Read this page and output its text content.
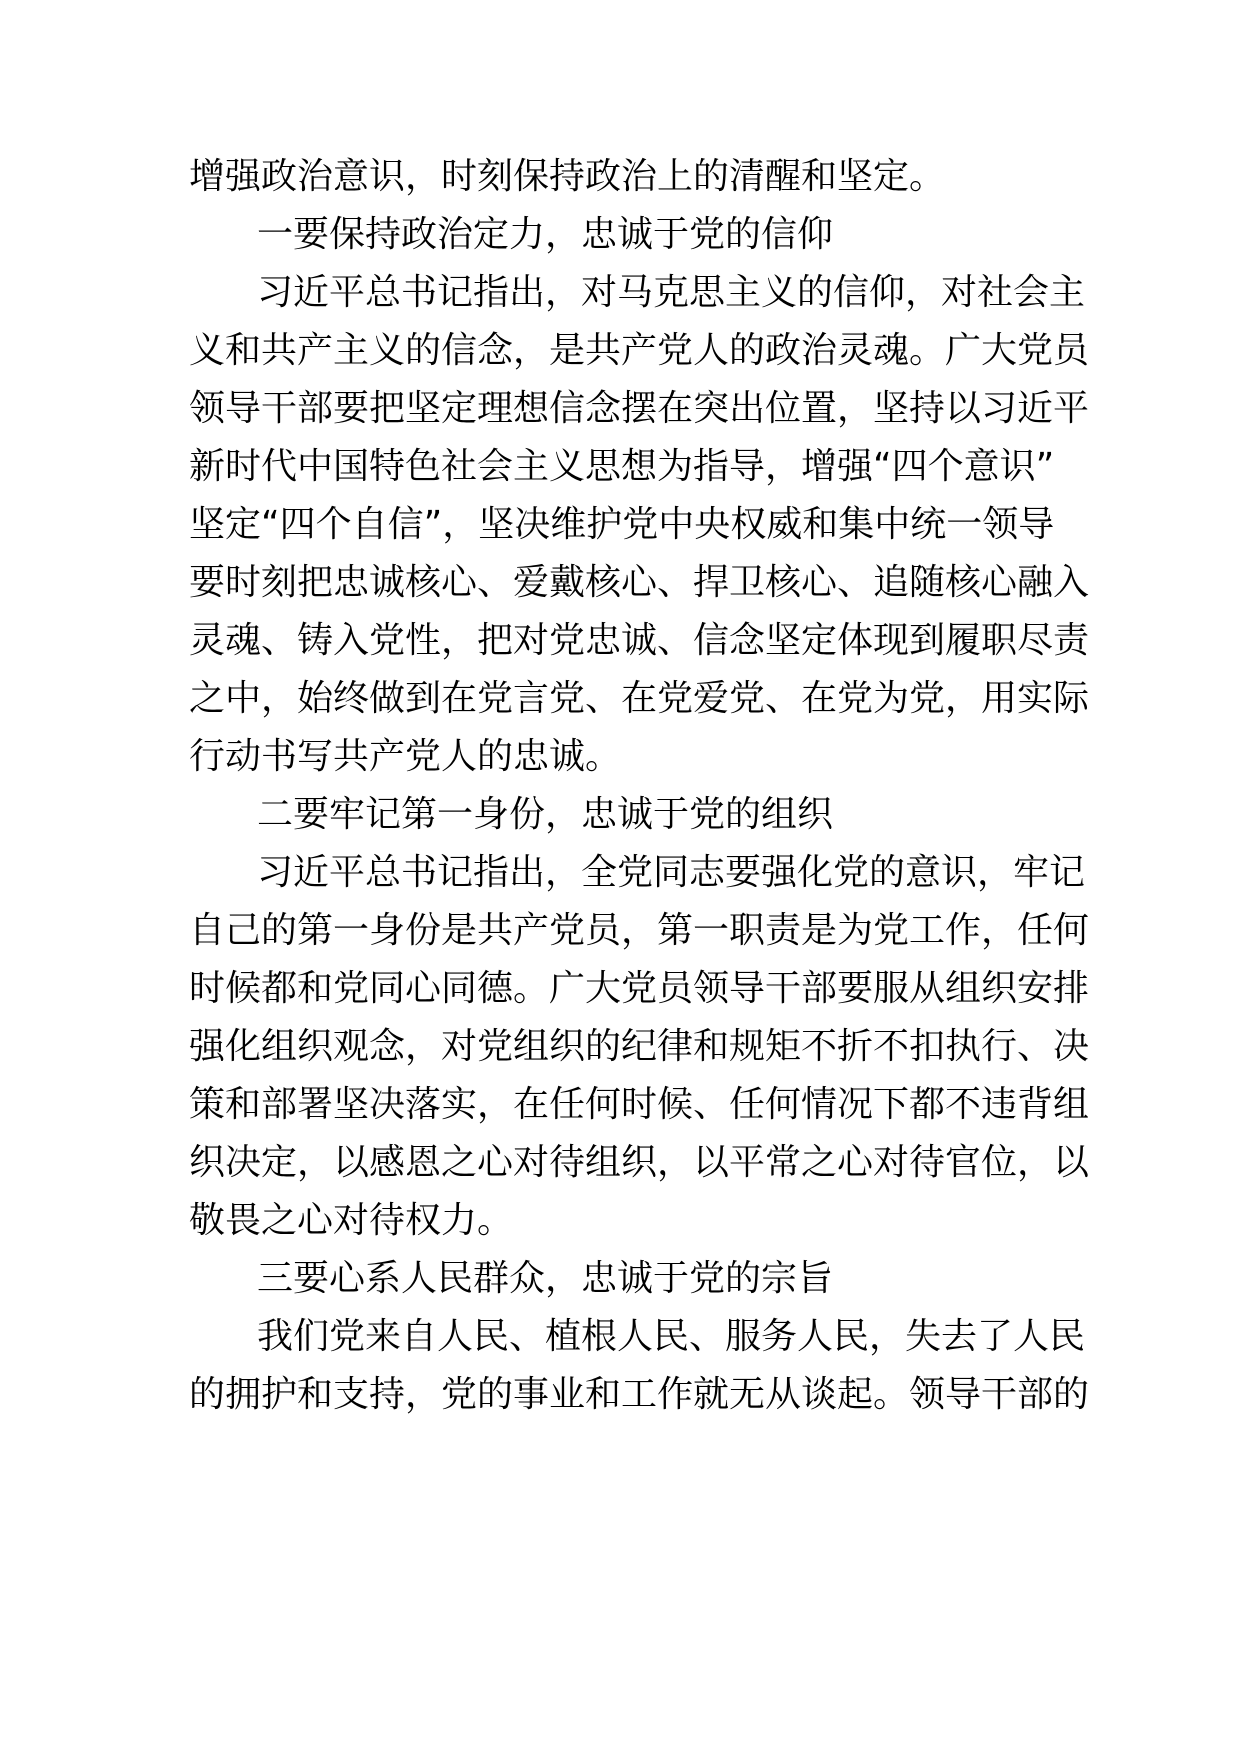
增强政治意识，时刻保持政治上的清醒和坚定。

一要保持政治定力，忠诚于党的信仰

习近平总书记指出，对马克思主义的信仰，对社会主

义和共产主义的信念，是共产党人的政治灵魂。广大党员

领导干部要把坚定理想信念摆在突出位置，坚持以习近平

新时代中国特色社会主义思想为指导，增强“四个意识”

坚定“四个自信”，坚决维护党中央权威和集中统一领导

要时刻把忠诚核心、爱戴核心、捍卫核心、追随核心融入

灵魂、铸入党性，把对党忠诚、信念坚定体现到履职尽责

之中，始终做到在党言党、在党爱党、在党为党，用实际

行动书写共产党人的忠诚。

二要牢记第一身份，忠诚于党的组织

习近平总书记指出，全党同志要强化党的意识，牢记

自己的第一身份是共产党员，第一职责是为党工作，任何

时候都和党同心同德。广大党员领导干部要服从组织安排

强化组织观念，对党组织的纪律和规矩不折不扣执行、决

策和部署坚决落实，在任何时候、任何情况下都不违背组

织决定，以感恩之心对待组织，以平常之心对待官位，以

敬畏之心对待权力。

三要心系人民群众，忠诚于党的宗旨

我们党来自人民、植根人民、服务人民，失去了人民

的拥护和支持，党的事业和工作就无从谈起。领导干部的
